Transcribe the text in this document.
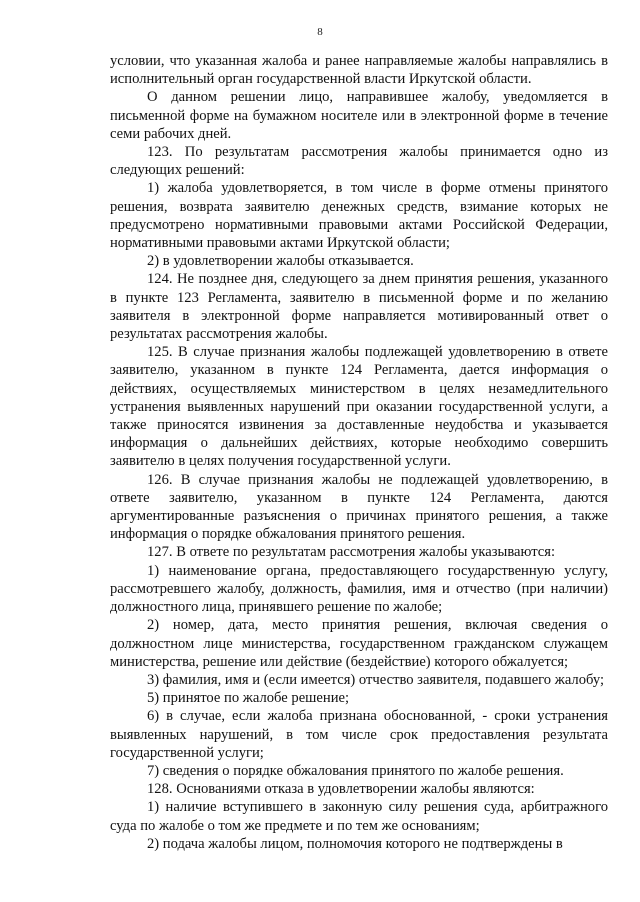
8

условии, что указанная жалоба и ранее направляемые жалобы направлялись в исполнительный орган государственной власти Иркутской области.

О данном решении лицо, направившее жалобу, уведомляется в письменной форме на бумажном носителе или в электронной форме в течение семи рабочих дней.

123. По результатам рассмотрения жалобы принимается одно из следующих решений:

1) жалоба удовлетворяется, в том числе в форме отмены принятого решения, возврата заявителю денежных средств, взимание которых не предусмотрено нормативными правовыми актами Российской Федерации, нормативными правовыми актами Иркутской области;

2) в удовлетворении жалобы отказывается.

124. Не позднее дня, следующего за днем принятия решения, указанного в пункте 123 Регламента, заявителю в письменной форме и по желанию заявителя в электронной форме направляется мотивированный ответ о результатах рассмотрения жалобы.

125. В случае признания жалобы подлежащей удовлетворению в ответе заявителю, указанном в пункте 124 Регламента, дается информация о действиях, осуществляемых министерством в целях незамедлительного устранения выявленных нарушений при оказании государственной услуги, а также приносятся извинения за доставленные неудобства и указывается информация о дальнейших действиях, которые необходимо совершить заявителю в целях получения государственной услуги.

126. В случае признания жалобы не подлежащей удовлетворению, в ответе заявителю, указанном в пункте 124 Регламента, даются аргументированные разъяснения о причинах принятого решения, а также информация о порядке обжалования принятого решения.

127. В ответе по результатам рассмотрения жалобы указываются:

1) наименование органа, предоставляющего государственную услугу, рассмотревшего жалобу, должность, фамилия, имя и отчество (при наличии) должностного лица, принявшего решение по жалобе;

2) номер, дата, место принятия решения, включая сведения о должностном лице министерства, государственном гражданском служащем министерства, решение или действие (бездействие) которого обжалуется;

3) фамилия, имя и (если имеется) отчество заявителя, подавшего жалобу;

5) принятое по жалобе решение;

6) в случае, если жалоба признана обоснованной, - сроки устранения выявленных нарушений, в том числе срок предоставления результата государственной услуги;

7) сведения о порядке обжалования принятого по жалобе решения.

128. Основаниями отказа в удовлетворении жалобы являются:

1) наличие вступившего в законную силу решения суда, арбитражного суда по жалобе о том же предмете и по тем же основаниям;

2) подача жалобы лицом, полномочия которого не подтверждены в
